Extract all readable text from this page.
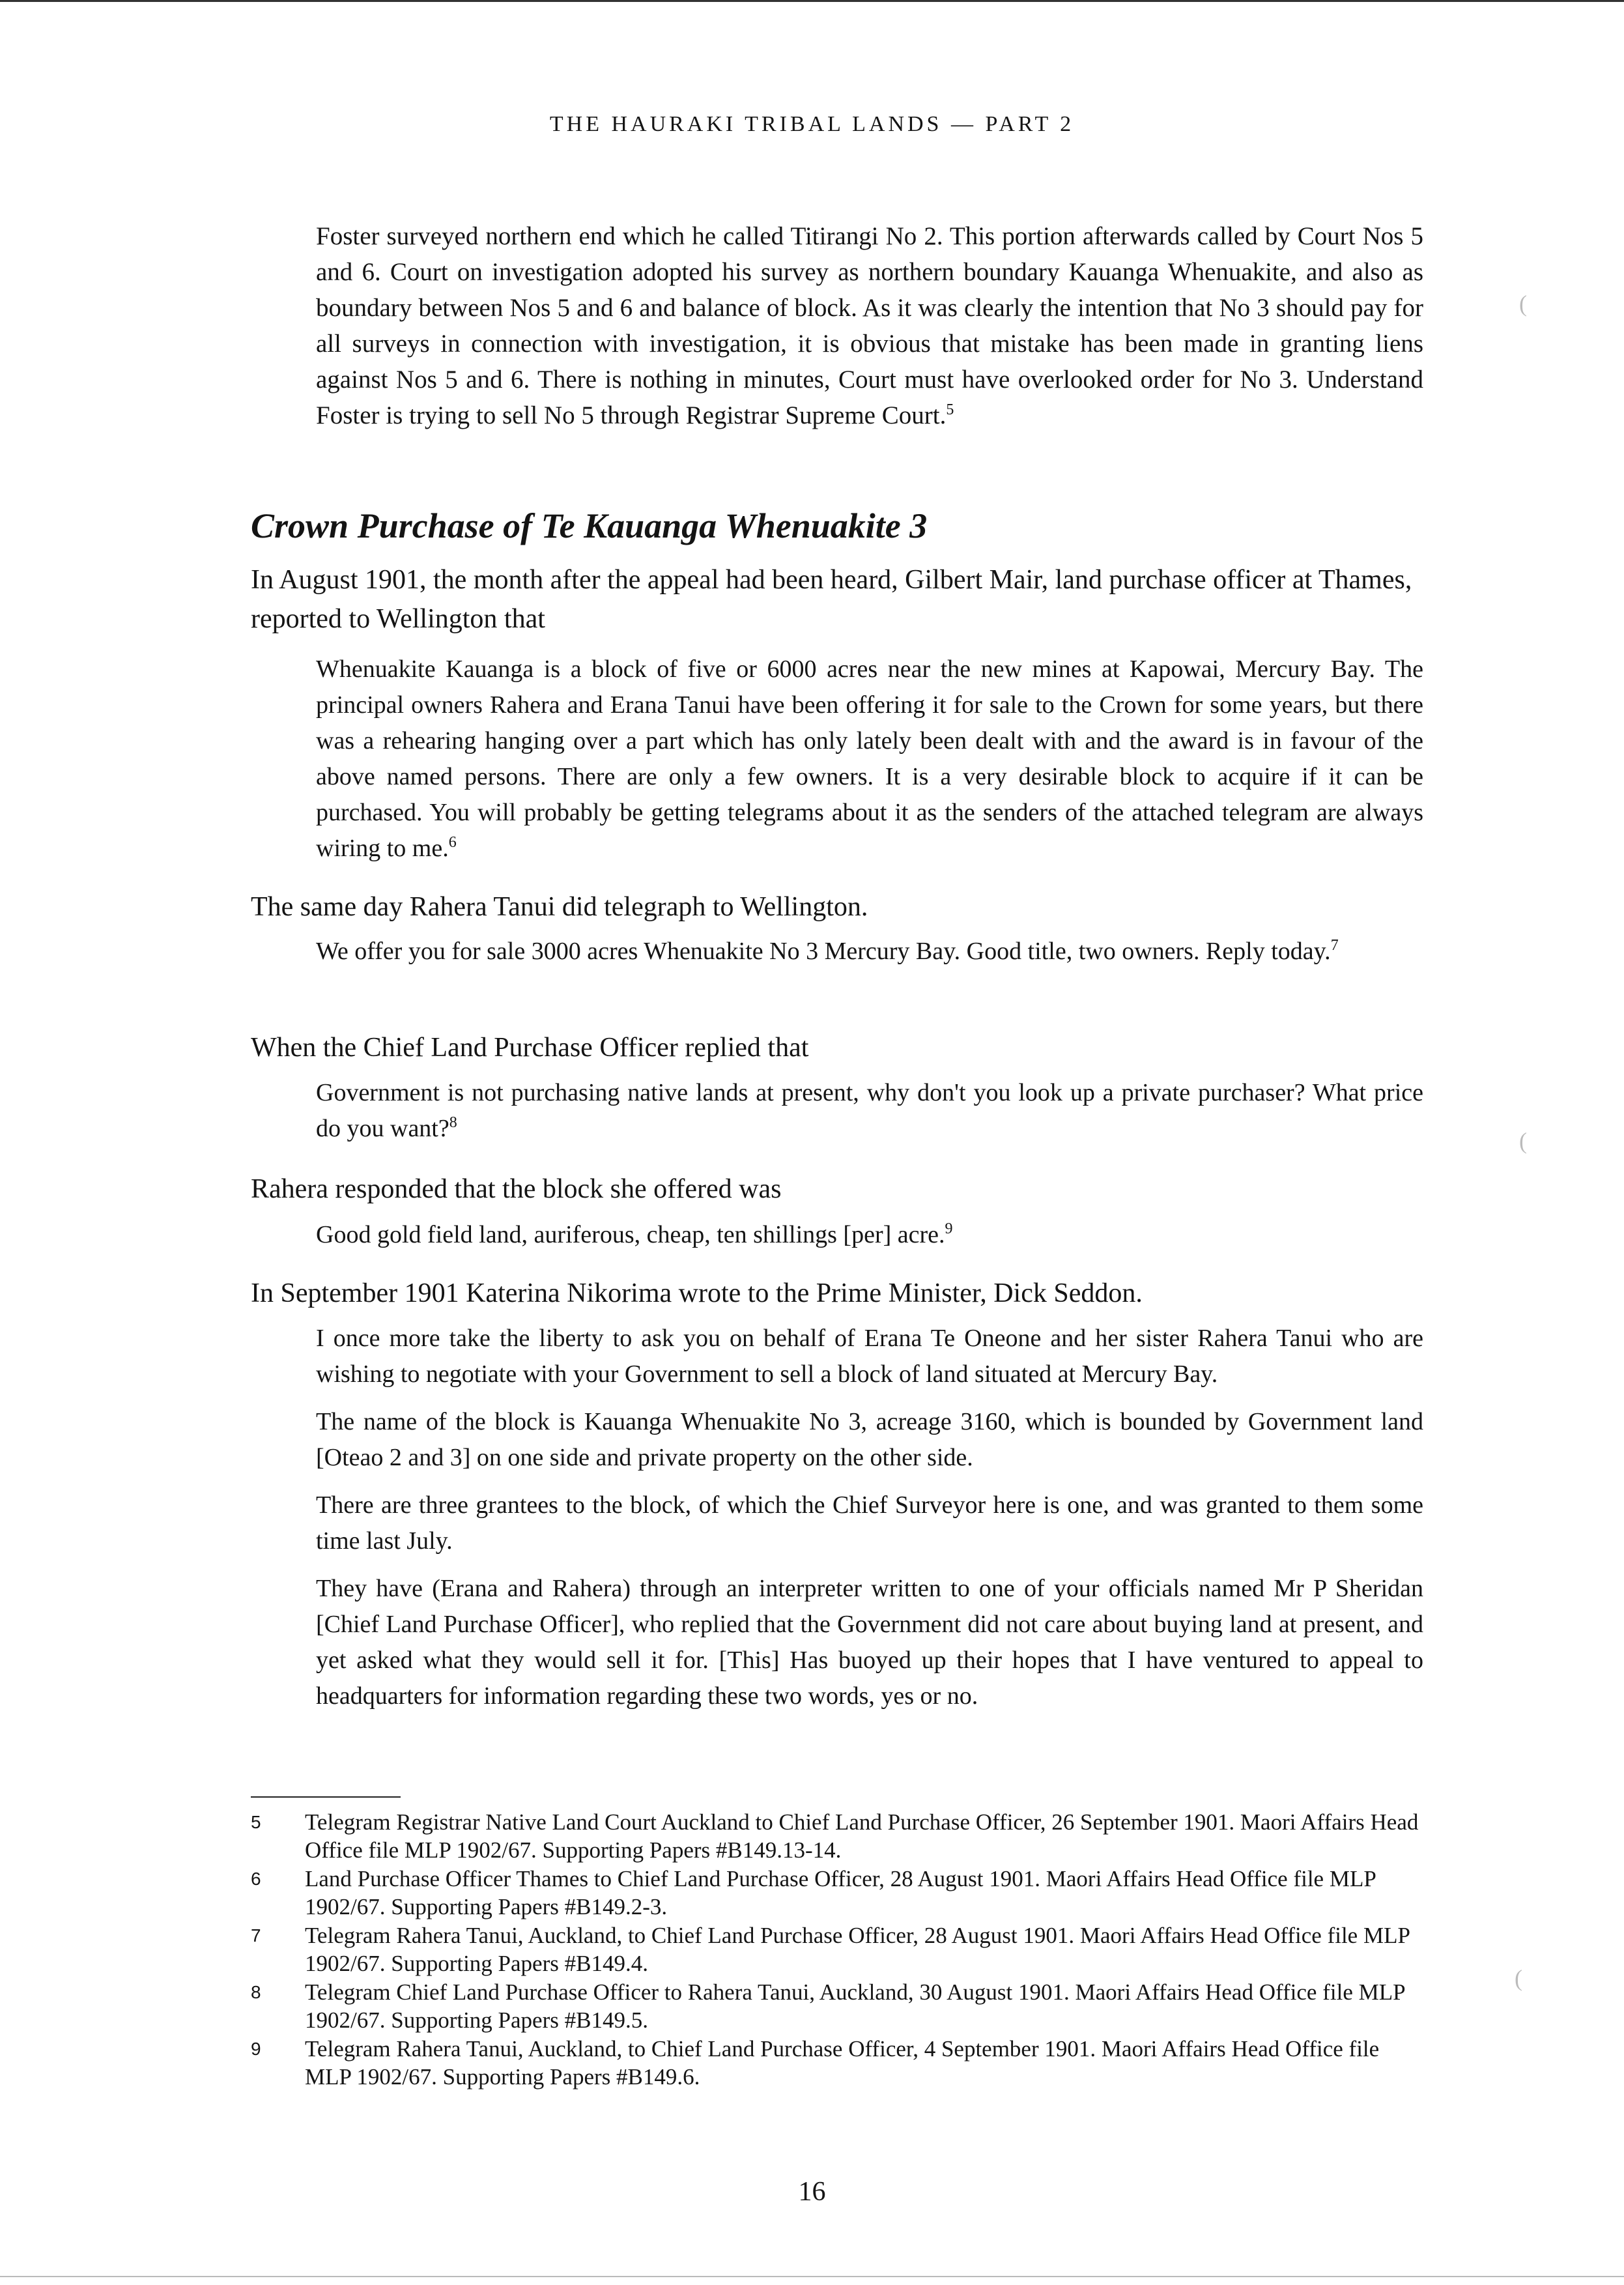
THE HAURAKI TRIBAL LANDS — PART 2

Foster surveyed northern end which he called Titirangi No 2. This portion afterwards called by Court Nos 5 and 6. Court on investigation adopted his survey as northern boundary Kauanga Whenuakite, and also as boundary between Nos 5 and 6 and balance of block. As it was clearly the intention that No 3 should pay for all surveys in connection with investigation, it is obvious that mistake has been made in granting liens against Nos 5 and 6. There is nothing in minutes, Court must have overlooked order for No 3. Understand Foster is trying to sell No 5 through Registrar Supreme Court.$^5$

Crown Purchase of Te Kauanga Whenuakite 3

In August 1901, the month after the appeal had been heard, Gilbert Mair, land purchase officer at Thames, reported to Wellington that

Whenuakite Kauanga is a block of five or 6000 acres near the new mines at Kapowai, Mercury Bay. The principal owners Rahera and Erana Tanui have been offering it for sale to the Crown for some years, but there was a rehearing hanging over a part which has only lately been dealt with and the award is in favour of the above named persons. There are only a few owners. It is a very desirable block to acquire if it can be purchased. You will probably be getting telegrams about it as the senders of the attached telegram are always wiring to me.$^6$

The same day Rahera Tanui did telegraph to Wellington.

We offer you for sale 3000 acres Whenuakite No 3 Mercury Bay. Good title, two owners. Reply today.$^7$

When the Chief Land Purchase Officer replied that

Government is not purchasing native lands at present, why don't you look up a private purchaser? What price do you want?$^8$

Rahera responded that the block she offered was

Good gold field land, auriferous, cheap, ten shillings [per] acre.$^9$

In September 1901 Katerina Nikorima wrote to the Prime Minister, Dick Seddon.

I once more take the liberty to ask you on behalf of Erana Te Oneone and her sister Rahera Tanui who are wishing to negotiate with your Government to sell a block of land situated at Mercury Bay.

The name of the block is Kauanga Whenuakite No 3, acreage 3160, which is bounded by Government land [Oteao 2 and 3] on one side and private property on the other side.

There are three grantees to the block, of which the Chief Surveyor here is one, and was granted to them some time last July.

They have (Erana and Rahera) through an interpreter written to one of your officials named Mr P Sheridan [Chief Land Purchase Officer], who replied that the Government did not care about buying land at present, and yet asked what they would sell it for. [This] Has buoyed up their hopes that I have ventured to appeal to headquarters for information regarding these two words, yes or no.

5	Telegram Registrar Native Land Court Auckland to Chief Land Purchase Officer, 26 September 1901. Maori Affairs Head Office file MLP 1902/67. Supporting Papers #B149.13-14.
6	Land Purchase Officer Thames to Chief Land Purchase Officer, 28 August 1901. Maori Affairs Head Office file MLP 1902/67. Supporting Papers #B149.2-3.
7	Telegram Rahera Tanui, Auckland, to Chief Land Purchase Officer, 28 August 1901. Maori Affairs Head Office file MLP 1902/67. Supporting Papers #B149.4.
8	Telegram Chief Land Purchase Officer to Rahera Tanui, Auckland, 30 August 1901. Maori Affairs Head Office file MLP 1902/67. Supporting Papers #B149.5.
9	Telegram Rahera Tanui, Auckland, to Chief Land Purchase Officer, 4 September 1901. Maori Affairs Head Office file MLP 1902/67. Supporting Papers #B149.6.
16
(
(
(
